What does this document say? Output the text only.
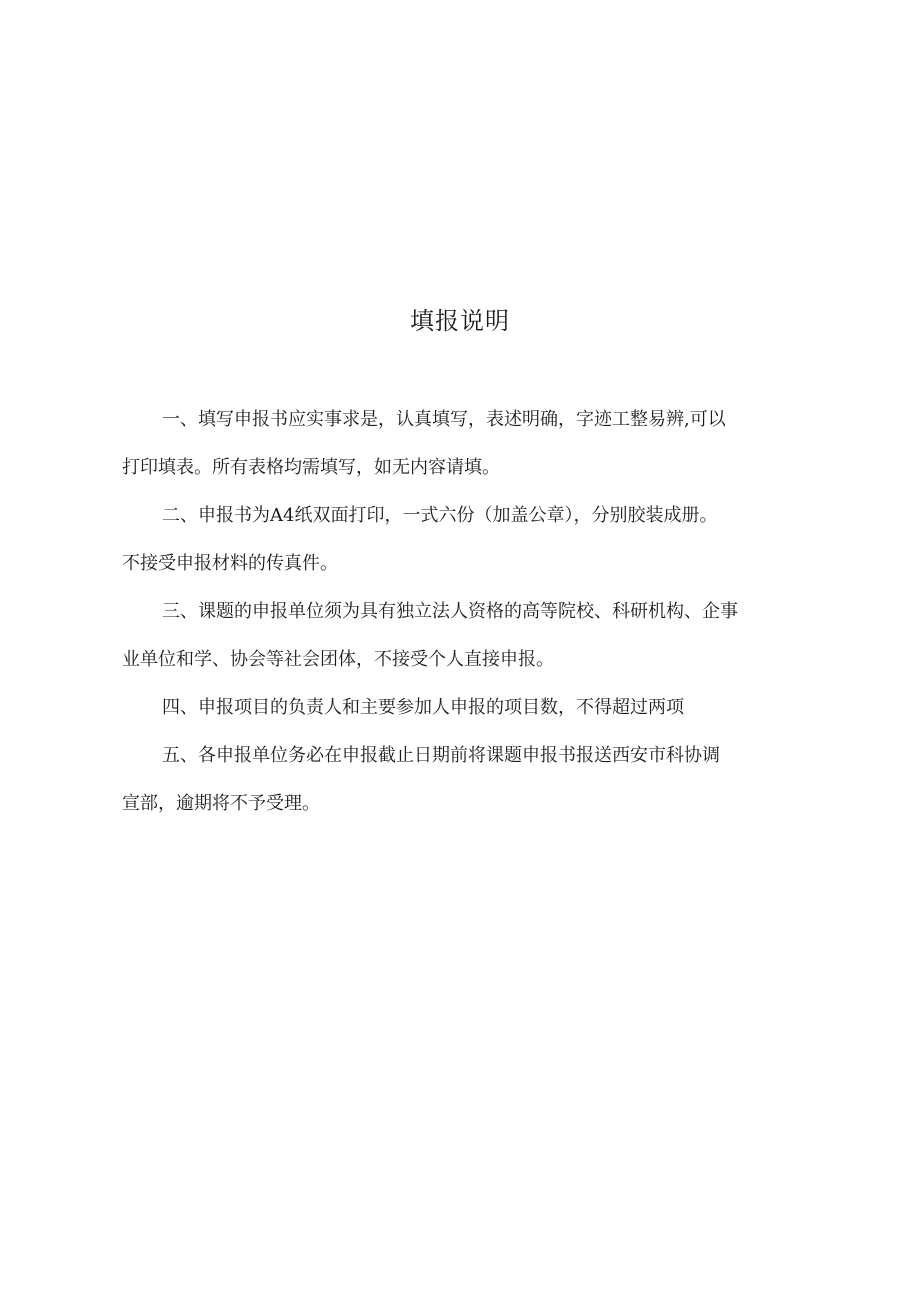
填报说明

一、填写申报书应实事求是，认真填写，表述明确，字迹工整易辨,可以
打印填表。所有表格均需填写，如无内容请填。

二、申报书为A4纸双面打印，一式六份（加盖公章），分别胶装成册。
不接受申报材料的传真件。

三、课题的申报单位须为具有独立法人资格的高等院校、科研机构、企事
业单位和学、协会等社会团体，不接受个人直接申报。

四、申报项目的负责人和主要参加人申报的项目数，不得超过两项

五、各申报单位务必在申报截止日期前将课题申报书报送西安市科协调
宣部，逾期将不予受理。
